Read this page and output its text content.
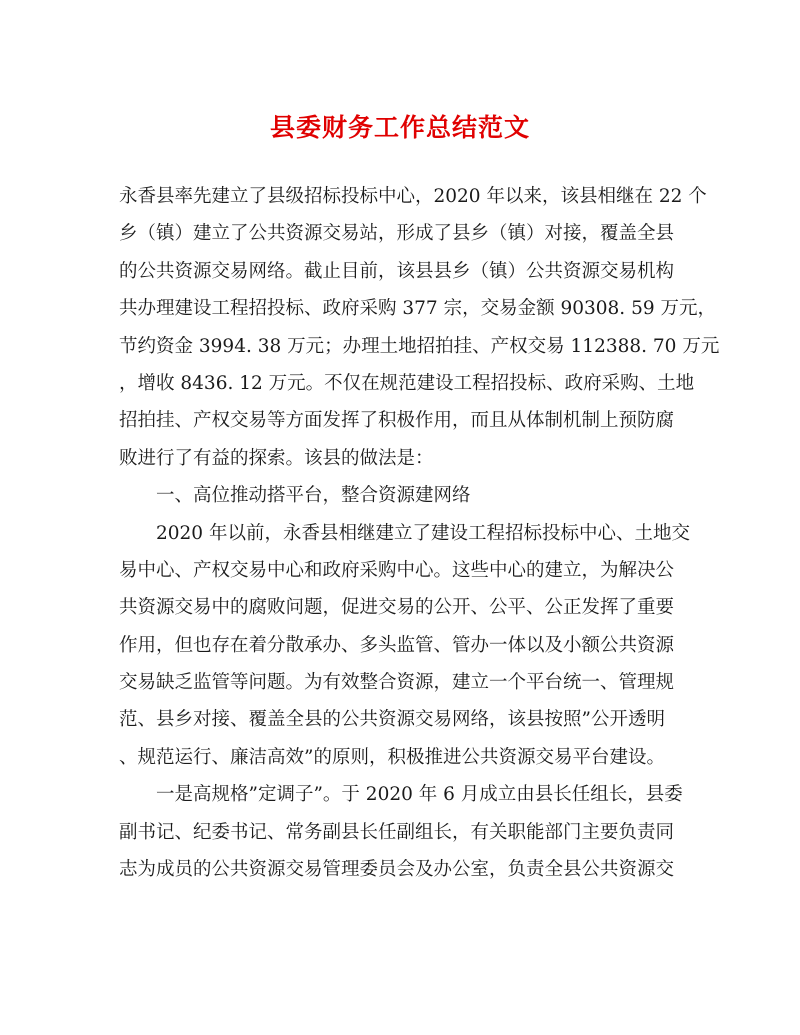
县委财务工作总结范文

永香县率先建立了县级招标投标中心，2020 年以来，该县相继在 22 个

乡（镇）建立了公共资源交易站，形成了县乡（镇）对接，覆盖全县

的公共资源交易网络。截止目前，该县县乡（镇）公共资源交易机构

共办理建设工程招投标、政府采购 377 宗，交易金额 90308. 59 万元，

节约资金 3994. 38 万元；办理土地招拍挂、产权交易 112388. 70 万元

，增收 8436. 12 万元。不仅在规范建设工程招投标、政府采购、土地

招拍挂、产权交易等方面发挥了积极作用，而且从体制机制上预防腐

败进行了有益的探索。该县的做法是：

一、高位推动搭平台，整合资源建网络

2020 年以前，永香县相继建立了建设工程招标投标中心、土地交

易中心、产权交易中心和政府采购中心。这些中心的建立，为解决公

共资源交易中的腐败问题，促进交易的公开、公平、公正发挥了重要

作用，但也存在着分散承办、多头监管、管办一体以及小额公共资源

交易缺乏监管等问题。为有效整合资源，建立一个平台统一、管理规

范、县乡对接、覆盖全县的公共资源交易网络，该县按照”公开透明

、规范运行、廉洁高效”的原则，积极推进公共资源交易平台建设。

一是高规格”定调子”。于 2020 年 6 月成立由县长任组长，县委

副书记、纪委书记、常务副县长任副组长，有关职能部门主要负责同

志为成员的公共资源交易管理委员会及办公室，负责全县公共资源交
